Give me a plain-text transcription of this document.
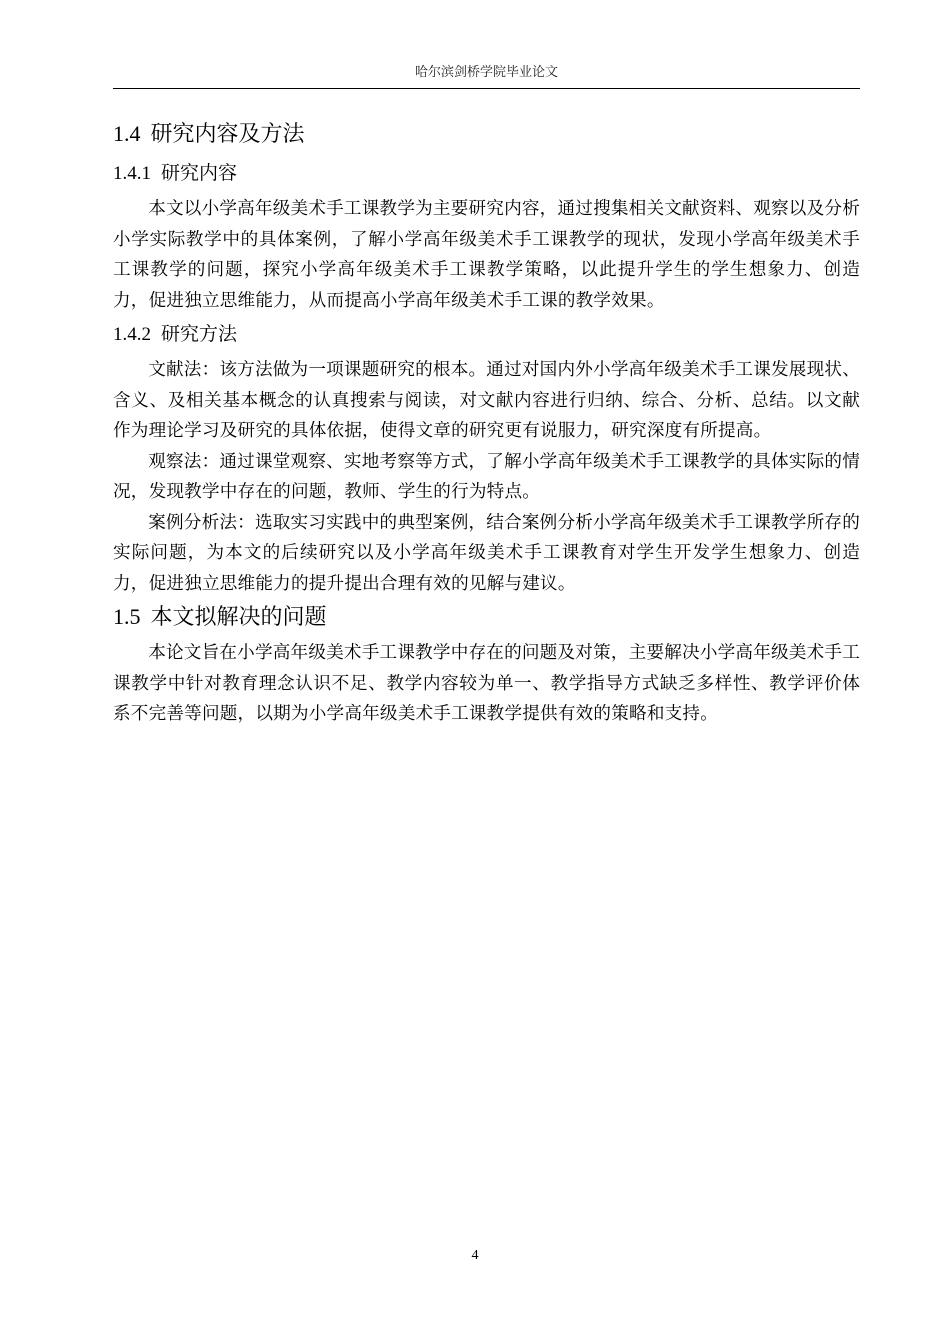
哈尔滨剑桥学院毕业论文
1.4 研究内容及方法
1.4.1 研究内容

本文以小学高年级美术手工课教学为主要研究内容，通过搜集相关文献资料、观察以及分析小学实际教学中的具体案例，了解小学高年级美术手工课教学的现状，发现小学高年级美术手工课教学的问题，探究小学高年级美术手工课教学策略，以此提升学生的学生想象力、创造力，促进独立思维能力，从而提高小学高年级美术手工课的教学效果。

1.4.2 研究方法

文献法：该方法做为一项课题研究的根本。通过对国内外小学高年级美术手工课发展现状、含义、及相关基本概念的认真搜索与阅读，对文献内容进行归纳、综合、分析、总结。以文献作为理论学习及研究的具体依据，使得文章的研究更有说服力，研究深度有所提高。

观察法：通过课堂观察、实地考察等方式，了解小学高年级美术手工课教学的具体实际的情况，发现教学中存在的问题，教师、学生的行为特点。

案例分析法：选取实习实践中的典型案例，结合案例分析小学高年级美术手工课教学所存的实际问题，为本文的后续研究以及小学高年级美术手工课教育对学生开发学生想象力、创造力，促进独立思维能力的提升提出合理有效的见解与建议。

1.5 本文拟解决的问题

本论文旨在小学高年级美术手工课教学中存在的问题及对策，主要解决小学高年级美术手工课教学中针对教育理念认识不足、教学内容较为单一、教学指导方式缺乏多样性、教学评价体系不完善等问题，以期为小学高年级美术手工课教学提供有效的策略和支持。

4
